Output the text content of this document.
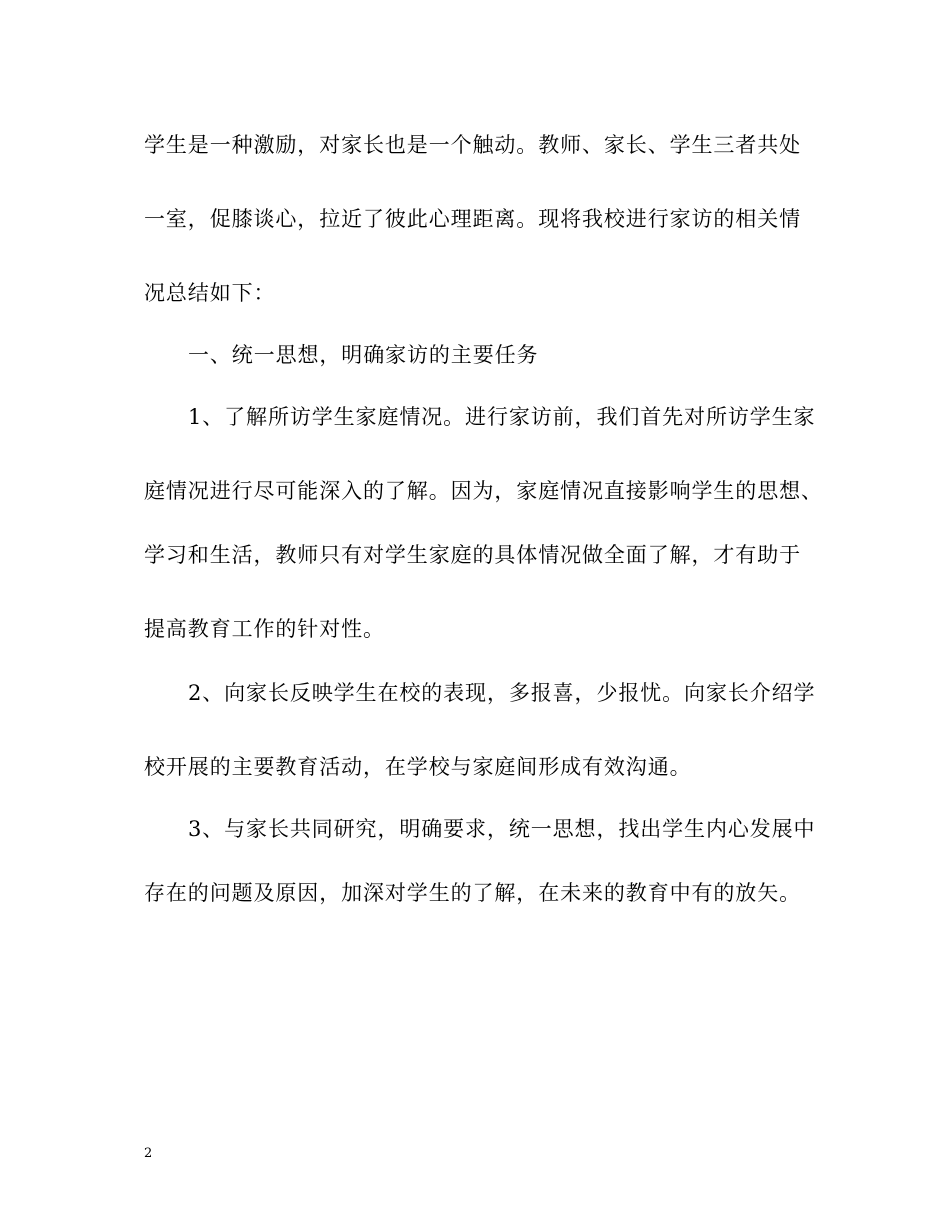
学生是一种激励，对家长也是一个触动。教师、家长、学生三者共处
一室，促膝谈心，拉近了彼此心理距离。现将我校进行家访的相关情
况总结如下：
一、统一思想，明确家访的主要任务
1、了解所访学生家庭情况。进行家访前，我们首先对所访学生家
庭情况进行尽可能深入的了解。因为，家庭情况直接影响学生的思想、
学习和生活，教师只有对学生家庭的具体情况做全面了解，才有助于
提高教育工作的针对性。
2、向家长反映学生在校的表现，多报喜，少报忧。向家长介绍学
校开展的主要教育活动，在学校与家庭间形成有效沟通。
3、与家长共同研究，明确要求，统一思想，找出学生内心发展中
存在的问题及原因，加深对学生的了解，在未来的教育中有的放矢。
2
